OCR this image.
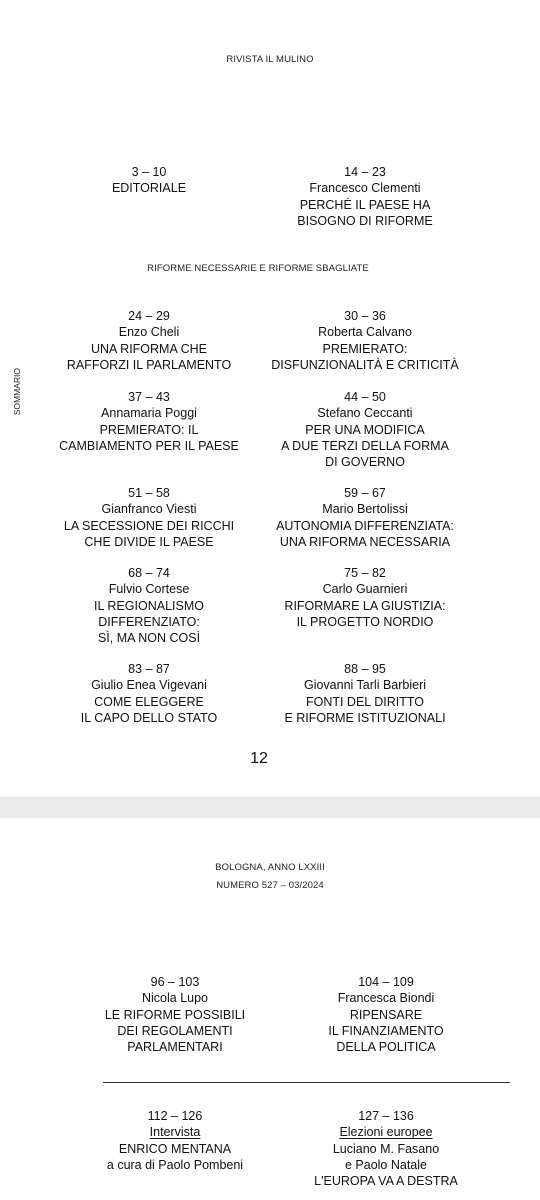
RIVISTA IL MULINO
3 – 10
EDITORIALE
14 – 23
Francesco Clementi
PERCHÉ IL PAESE HA
BISOGNO DI RIFORME
RIFORME NECESSARIE E RIFORME SBAGLIATE
24 – 29
Enzo Cheli
UNA RIFORMA CHE
RAFFORZI IL PARLAMENTO
30 – 36
Roberta Calvano
PREMIERATO:
DISFUNZIONALITÀ E CRITICITÀ
SOMMARIO	37 – 43
Annamaria Poggi
PREMIERATO: IL
CAMBIAMENTO PER IL PAESE
44 – 50
Stefano Ceccanti
PER UNA MODIFICA
A DUE TERZI DELLA FORMA
DI GOVERNO
51 – 58
Gianfranco Viesti
LA SECESSIONE DEI RICCHI
CHE DIVIDE IL PAESE
59 – 67
Mario Bertolissi
AUTONOMIA DIFFERENZIATA:
UNA RIFORMA NECESSARIA
68 – 74
Fulvio Cortese
IL REGIONALISMO
DIFFERENZIATO:
SÌ, MA NON COSÌ
75 – 82
Carlo Guarnieri
RIFORMARE LA GIUSTIZIA:
IL PROGETTO NORDIO
83 – 87
Giulio Enea Vigevani
COME ELEGGERE
IL CAPO DELLO STATO
88 – 95
Giovanni Tarli Barbieri
FONTI DEL DIRITTO
E RIFORME ISTITUZIONALI
12
BOLOGNA, ANNO LXXIII
NUMERO 527 – 03/2024
96 – 103
Nicola Lupo
LE RIFORME POSSIBILI
DEI REGOLAMENTI
PARLAMENTARI
104 – 109
Francesca Biondi
RIPENSARE
IL FINANZIAMENTO
DELLA POLITICA
112 – 126
Intervista
ENRICO MENTANA
a cura di Paolo Pombeni
127 – 136
Elezioni europee
Luciano M. Fasano
e Paolo Natale
L'EUROPA VA A DESTRA
